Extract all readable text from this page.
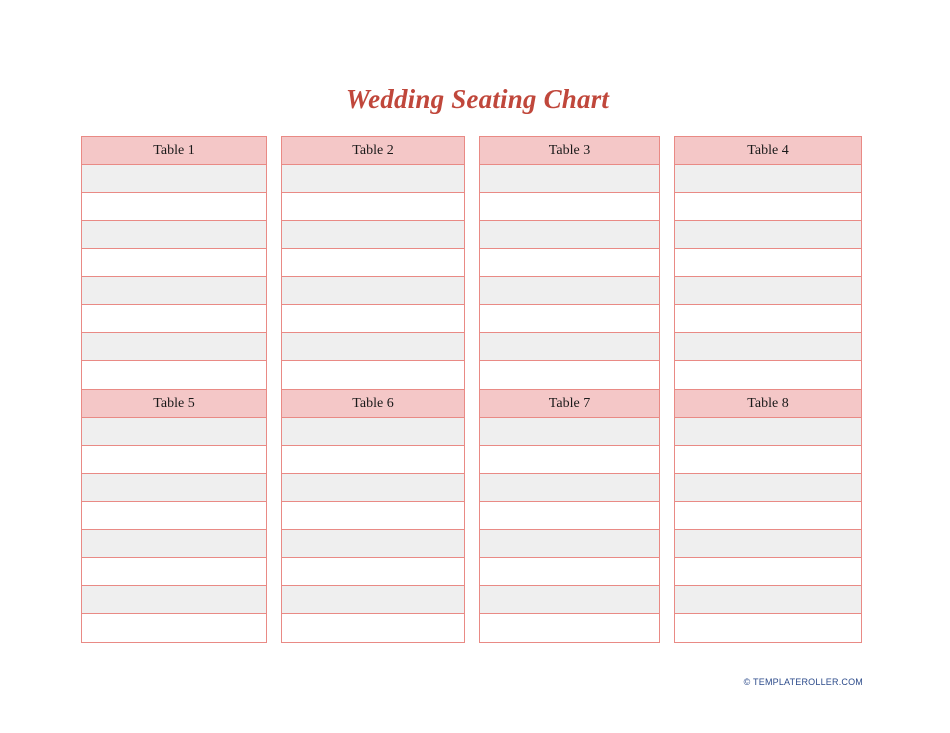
Wedding Seating Chart
Table 1	Table 2	Table 3	Table 4
Table 5	Table 6	Table 7	Table 8
© TEMPLATEROLLER.COM
